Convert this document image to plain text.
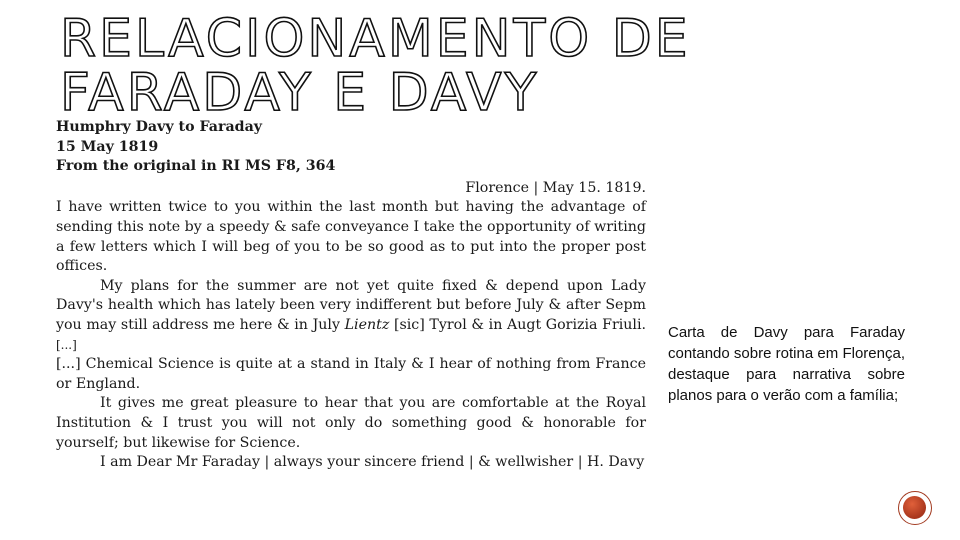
RELACIONAMENTO DE
FARADAY E DAVY
Humphry Davy to Faraday
15 May 1819
From the original in RI MS F8, 364
Florence | May 15. 1819.

I have written twice to you within the last month but having the advantage of sending this note by a speedy & safe conveyance I take the opportunity of writing a few letters which I will beg of you to be so good as to put into the proper post offices.

My plans for the summer are not yet quite fixed & depend upon Lady Davy's health which has lately been very indifferent but before July & after Sepm you may still address me here & in July Lientz [sic] Tyrol & in Augt Gorizia Friuli. [...]

[...] Chemical Science is quite at a stand in Italy & I hear of nothing from France or England.

It gives me great pleasure to hear that you are comfortable at the Royal Institution & I trust you will not only do something good & honorable for yourself; but likewise for Science.

I am Dear Mr Faraday | always your sincere friend | & wellwisher | H. Davy

Carta de Davy para Faraday contando sobre rotina em Florença, destaque para narrativa sobre planos para o verão com a família;
